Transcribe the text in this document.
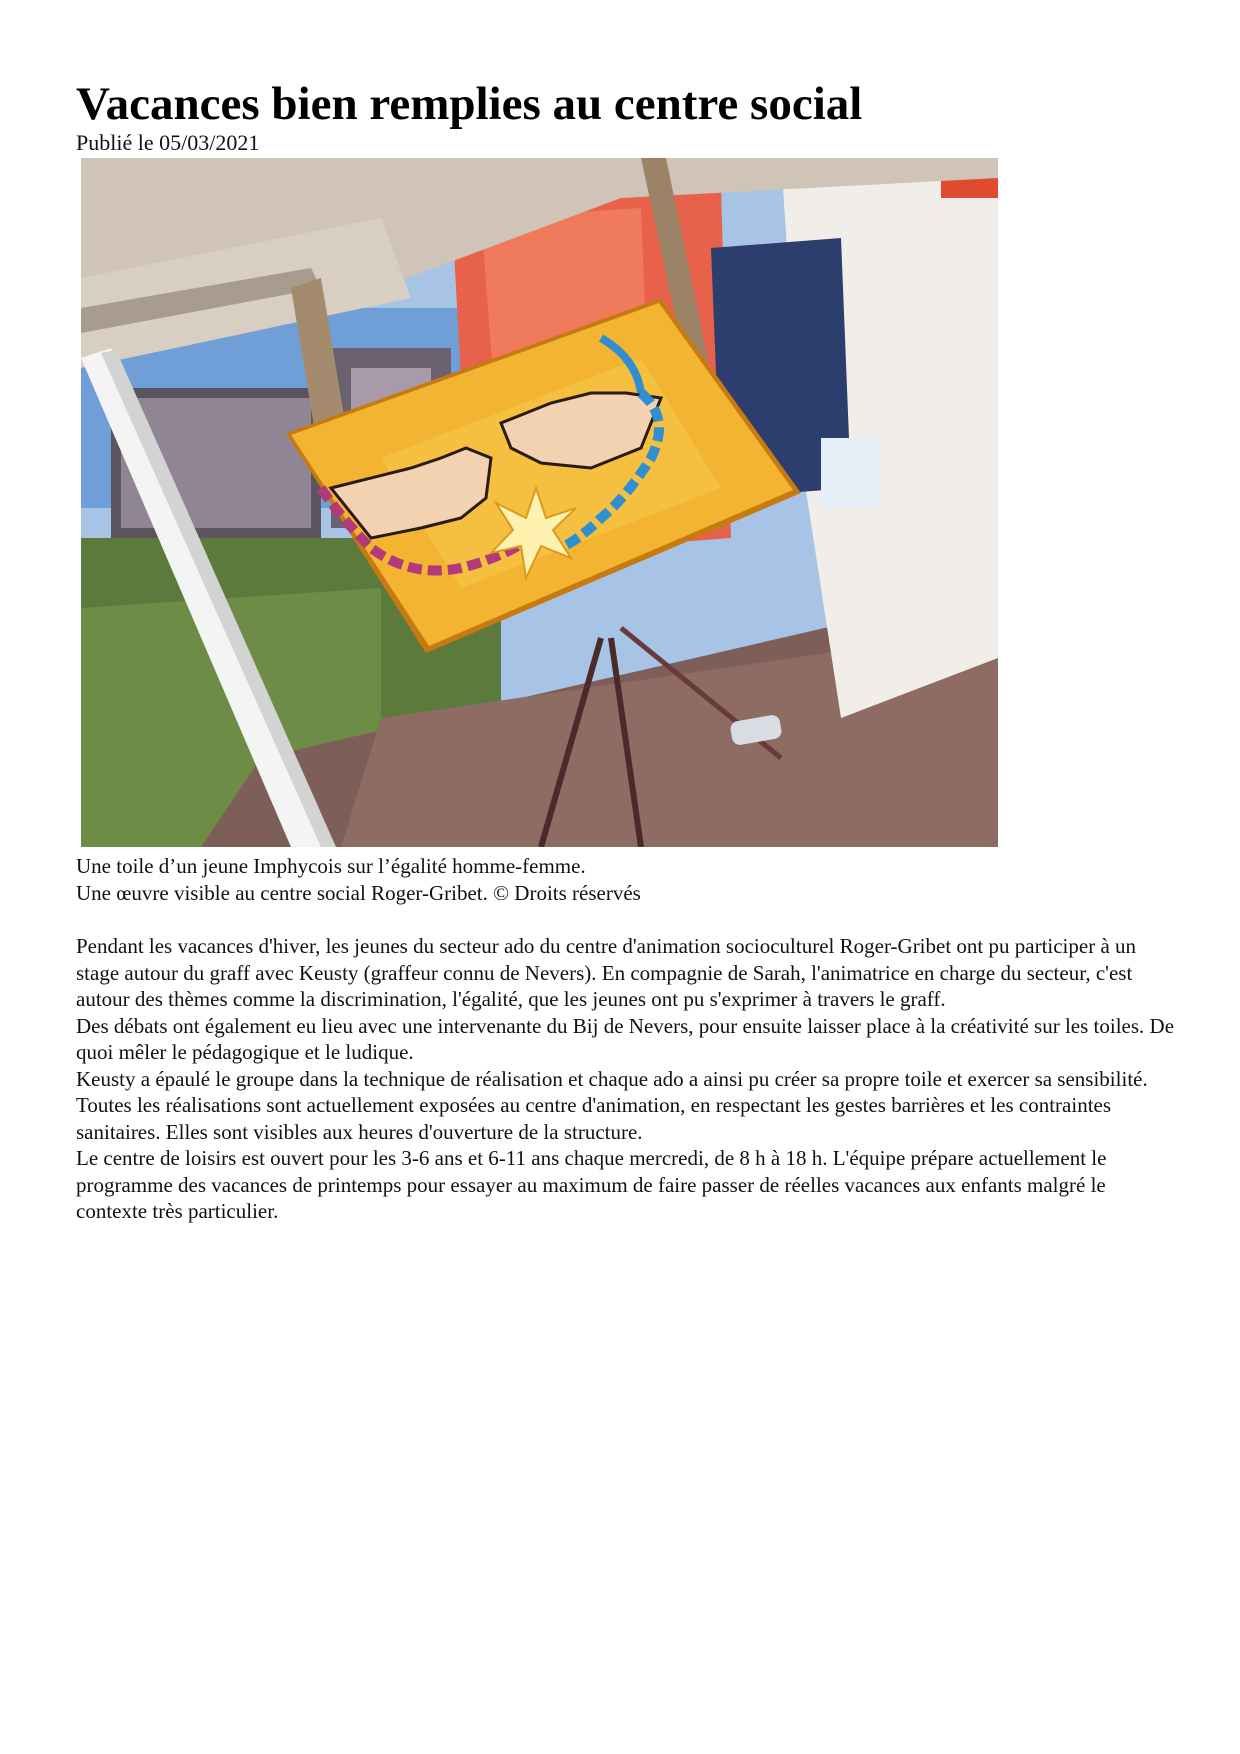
Vacances bien remplies au centre social
Publié le 05/03/2021

Une toile d’un jeune Imphycois sur l’égalité homme-femme.

Une œuvre visible au centre social Roger-Gribet. © Droits réservés

Pendant les vacances d'hiver, les jeunes du secteur ado du centre d'animation socioculturel Roger-Gribet ont pu participer à un stage autour du graff avec Keusty (graffeur connu de Nevers). En compagnie de Sarah, l'animatrice en charge du secteur, c'est autour des thèmes comme la discrimination, l'égalité, que les jeunes ont pu s'exprimer à travers le graff.

Des débats ont également eu lieu avec une intervenante du Bij de Nevers, pour ensuite laisser place à la créativité sur les toiles. De quoi mêler le pédagogique et le ludique.

Keusty a épaulé le groupe dans la technique de réalisation et chaque ado a ainsi pu créer sa propre toile et exercer sa sensibilité. Toutes les réalisations sont actuellement exposées au centre d'animation, en respectant les gestes barrières et les contraintes sanitaires. Elles sont visibles aux heures d'ouverture de la structure.

Le centre de loisirs est ouvert pour les 3-6 ans et 6-11 ans chaque mercredi, de 8 h à 18 h. L'équipe prépare actuellement le programme des vacances de printemps pour essayer au maximum de faire passer de réelles vacances aux enfants malgré le contexte très particulier.
